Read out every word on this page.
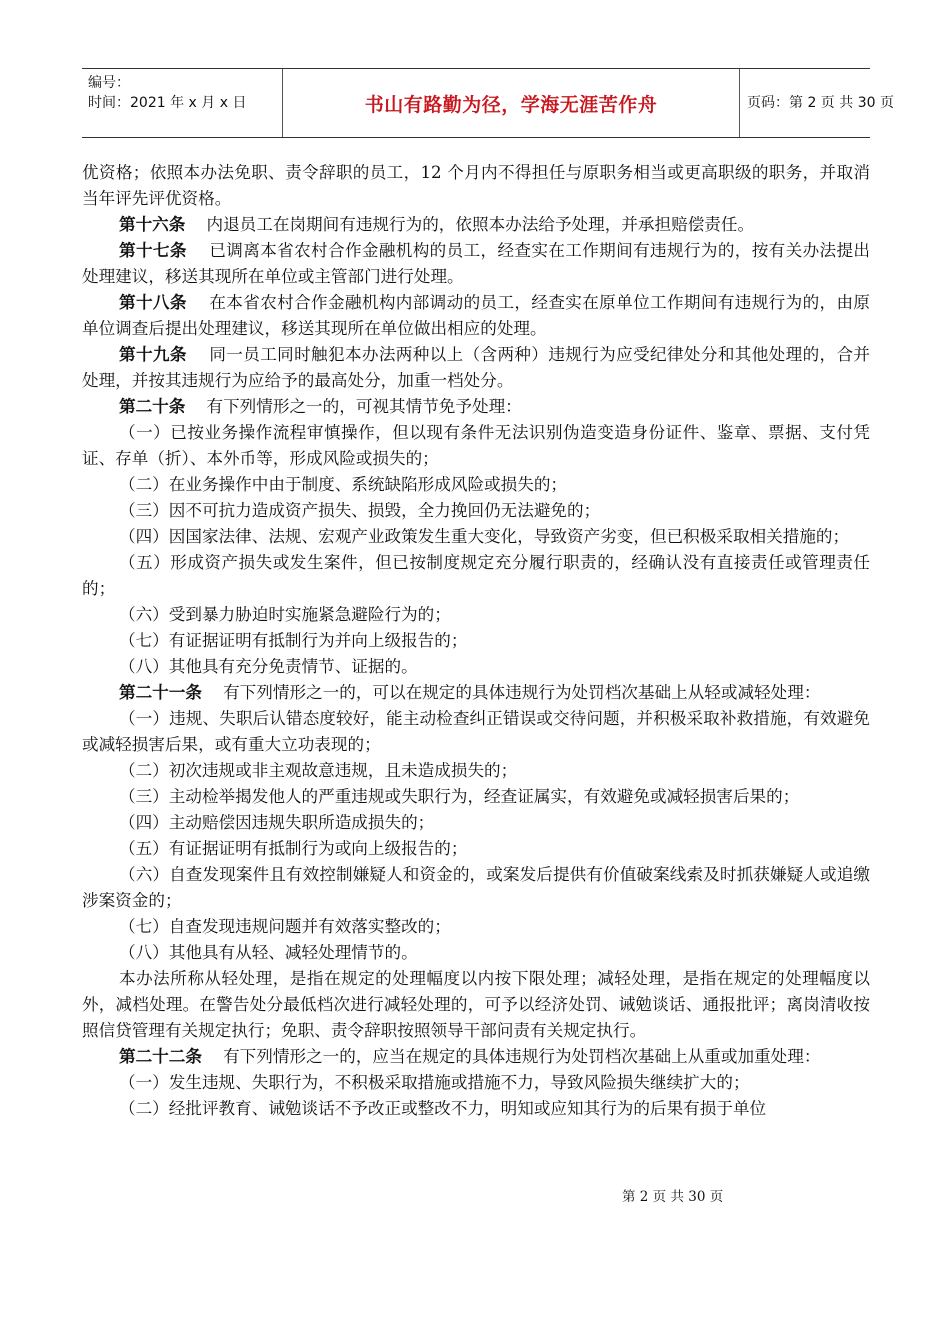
编号：
时间：2021 年 x 月 x 日	书山有路勤为径，学海无涯苦作舟	页码：第 2 页 共 30 页

优资格；依照本办法免职、责令辞职的员工，12 个月内不得担任与原职务相当或更高职级的职务，并取消当年评先评优资格。

第十六条 内退员工在岗期间有违规行为的，依照本办法给予处理，并承担赔偿责任。

第十七条 已调离本省农村合作金融机构的员工，经查实在工作期间有违规行为的，按有关办法提出处理建议，移送其现所在单位或主管部门进行处理。

第十八条 在本省农村合作金融机构内部调动的员工，经查实在原单位工作期间有违规行为的，由原单位调查后提出处理建议，移送其现所在单位做出相应的处理。

第十九条 同一员工同时触犯本办法两种以上（含两种）违规行为应受纪律处分和其他处理的，合并处理，并按其违规行为应给予的最高处分，加重一档处分。

第二十条 有下列情形之一的，可视其情节免予处理：

（一）已按业务操作流程审慎操作，但以现有条件无法识别伪造变造身份证件、鉴章、票据、支付凭证、存单（折）、本外币等，形成风险或损失的；

（二）在业务操作中由于制度、系统缺陷形成风险或损失的；

（三）因不可抗力造成资产损失、损毁，全力挽回仍无法避免的；

（四）因国家法律、法规、宏观产业政策发生重大变化，导致资产劣变，但已积极采取相关措施的；

（五）形成资产损失或发生案件，但已按制度规定充分履行职责的，经确认没有直接责任或管理责任的；

（六）受到暴力胁迫时实施紧急避险行为的；

（七）有证据证明有抵制行为并向上级报告的；

（八）其他具有充分免责情节、证据的。

第二十一条 有下列情形之一的，可以在规定的具体违规行为处罚档次基础上从轻或减轻处理：

（一）违规、失职后认错态度较好，能主动检查纠正错误或交待问题，并积极采取补救措施，有效避免或减轻损害后果，或有重大立功表现的；

（二）初次违规或非主观故意违规，且未造成损失的；

（三）主动检举揭发他人的严重违规或失职行为，经查证属实，有效避免或减轻损害后果的；

（四）主动赔偿因违规失职所造成损失的；

（五）有证据证明有抵制行为或向上级报告的；

（六）自查发现案件且有效控制嫌疑人和资金的，或案发后提供有价值破案线索及时抓获嫌疑人或追缴涉案资金的；

（七）自查发现违规问题并有效落实整改的；

（八）其他具有从轻、减轻处理情节的。

本办法所称从轻处理，是指在规定的处理幅度以内按下限处理；减轻处理，是指在规定的处理幅度以外，减档处理。在警告处分最低档次进行减轻处理的，可予以经济处罚、诫勉谈话、通报批评；离岗清收按照信贷管理有关规定执行；免职、责令辞职按照领导干部问责有关规定执行。

第二十二条 有下列情形之一的，应当在规定的具体违规行为处罚档次基础上从重或加重处理：

（一）发生违规、失职行为，不积极采取措施或措施不力，导致风险损失继续扩大的；

（二）经批评教育、诫勉谈话不予改正或整改不力，明知或应知其行为的后果有损于单位

第 2 页 共 30 页
